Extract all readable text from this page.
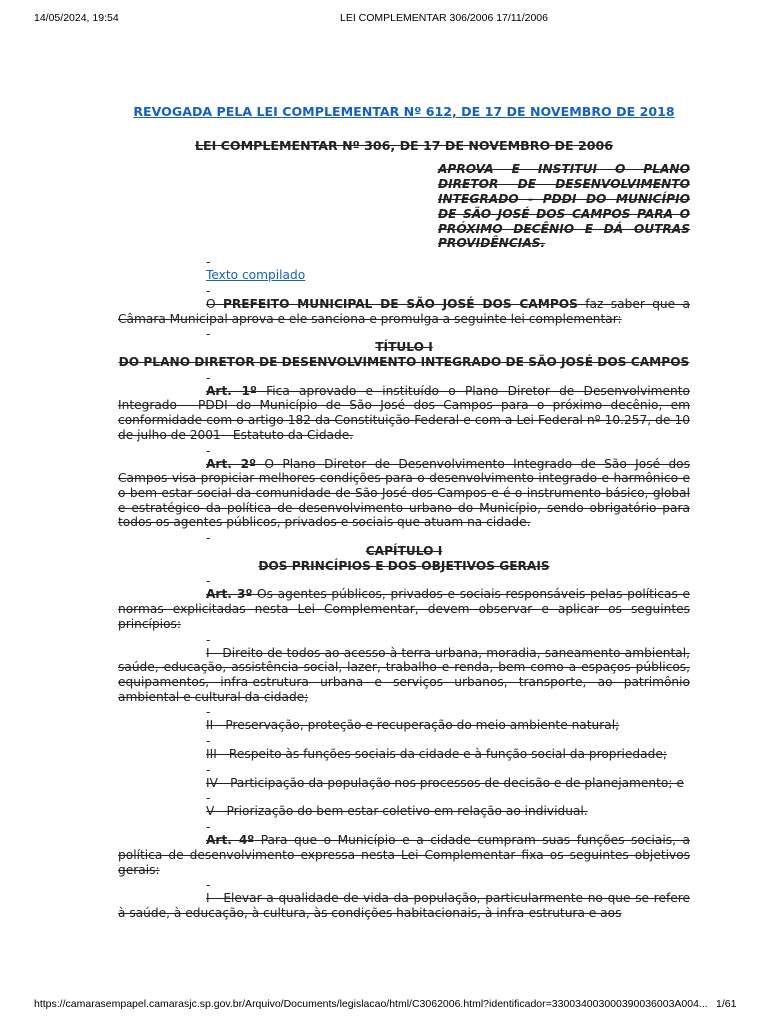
14/05/2024, 19:54	LEI COMPLEMENTAR 306/2006 17/11/2006
REVOGADA PELA LEI COMPLEMENTAR Nº 612, DE 17 DE NOVEMBRO DE 2018
LEI COMPLEMENTAR Nº 306, DE 17 DE NOVEMBRO DE 2006
APROVA E INSTITUI O PLANO DIRETOR DE DESENVOLVIMENTO INTEGRADO - PDDI DO MUNICÍPIO DE SÃO JOSÉ DOS CAMPOS PARA O PRÓXIMO DECÊNIO E DÁ OUTRAS PROVIDÊNCIAS.
-
Texto compilado
-
O PREFEITO MUNICIPAL DE SÃO JOSÉ DOS CAMPOS faz saber que a Câmara Municipal aprova e ele sanciona e promulga a seguinte lei complementar:
-
TÍTULO I
DO PLANO DIRETOR DE DESENVOLVIMENTO INTEGRADO DE SÃO JOSÉ DOS CAMPOS
-
Art. 1º Fica aprovado e instituído o Plano Diretor de Desenvolvimento Integrado - PDDI do Município de São José dos Campos para o próximo decênio, em conformidade com o artigo 182 da Constituição Federal e com a Lei Federal nº 10.257, de 10 de julho de 2001 - Estatuto da Cidade.
-
Art. 2º O Plano Diretor de Desenvolvimento Integrado de São José dos Campos visa propiciar melhores condições para o desenvolvimento integrado e harmônico e o bem estar social da comunidade de São José dos Campos e é o instrumento básico, global e estratégico da política de desenvolvimento urbano do Município, sendo obrigatório para todos os agentes públicos, privados e sociais que atuam na cidade.
-
CAPÍTULO I
DOS PRINCÍPIOS E DOS OBJETIVOS GERAIS
-
Art. 3º Os agentes públicos, privados e sociais responsáveis pelas políticas e normas explicitadas nesta Lei Complementar, devem observar e aplicar os seguintes princípios:
-
I - Direito de todos ao acesso à terra urbana, moradia, saneamento ambiental, saúde, educação, assistência social, lazer, trabalho e renda, bem como a espaços públicos, equipamentos, infra-estrutura urbana e serviços urbanos, transporte, ao patrimônio ambiental e cultural da cidade;
-
II - Preservação, proteção e recuperação do meio ambiente natural;
-
III - Respeito às funções sociais da cidade e à função social da propriedade;
-
IV - Participação da população nos processos de decisão e de planejamento; e
-
V - Priorização do bem estar coletivo em relação ao individual.
-
Art. 4º Para que o Município e a cidade cumpram suas funções sociais, a política de desenvolvimento expressa nesta Lei Complementar fixa os seguintes objetivos gerais:
-
I - Elevar a qualidade de vida da população, particularmente no que se refere à saúde, à educação, à cultura, às condições habitacionais, à infra-estrutura e aos
https://camarasempapel.camarasjc.sp.gov.br/Arquivo/Documents/legislacao/html/C3062006.html?identificador=330034003000390036003A004... 1/61
